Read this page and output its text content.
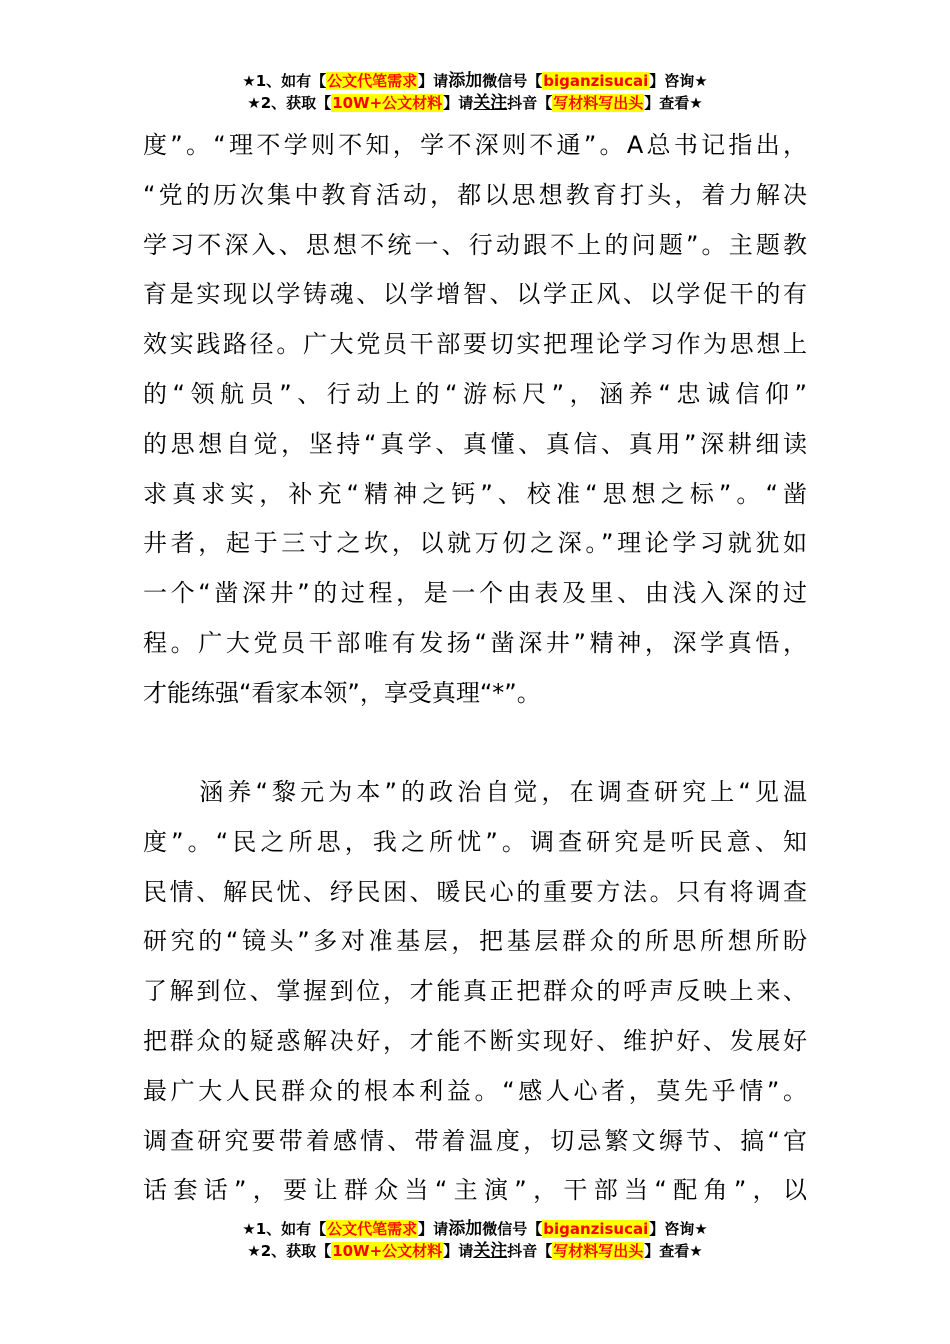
★1、如有【公文代笔需求】请添加微信号【biganzisucai】咨询★
★2、获取【10W+公文材料】请关注抖音【写材料写出头】查看★
度”。“理不学则不知，学不深则不通”。A总书记指出，
“党的历次集中教育活动，都以思想教育打头，着力解决
学习不深入、思想不统一、行动跟不上的问题”。主题教
育是实现以学铸魂、以学增智、以学正风、以学促干的有
效实践路径。广大党员干部要切实把理论学习作为思想上
的“领航员”、行动上的“游标尺”，涵养“忠诚信仰”
的思想自觉，坚持“真学、真懂、真信、真用”深耕细读
求真求实，补充“精神之钙”、校准“思想之标”。“凿
井者，起于三寸之坎，以就万仞之深。”理论学习就犹如
一个“凿深井”的过程，是一个由表及里、由浅入深的过
程。广大党员干部唯有发扬“凿深井”精神，深学真悟，
才能练强“看家本领”，享受真理“*”。
　　涵养“黎元为本”的政治自觉，在调查研究上“见温
度”。“民之所思，我之所忧”。调查研究是听民意、知
民情、解民忧、纾民困、暖民心的重要方法。只有将调查
研究的“镜头”多对准基层，把基层群众的所思所想所盼
了解到位、掌握到位，才能真正把群众的呼声反映上来、
把群众的疑惑解决好，才能不断实现好、维护好、发展好
最广大人民群众的根本利益。“感人心者，莫先乎情”。
调查研究要带着感情、带着温度，切忌繁文缛节、搞“官
话套话”，要让群众当“主演”，干部当“配角”，以
★1、如有【公文代笔需求】请添加微信号【biganzisucai】咨询★
★2、获取【10W+公文材料】请关注抖音【写材料写出头】查看★
